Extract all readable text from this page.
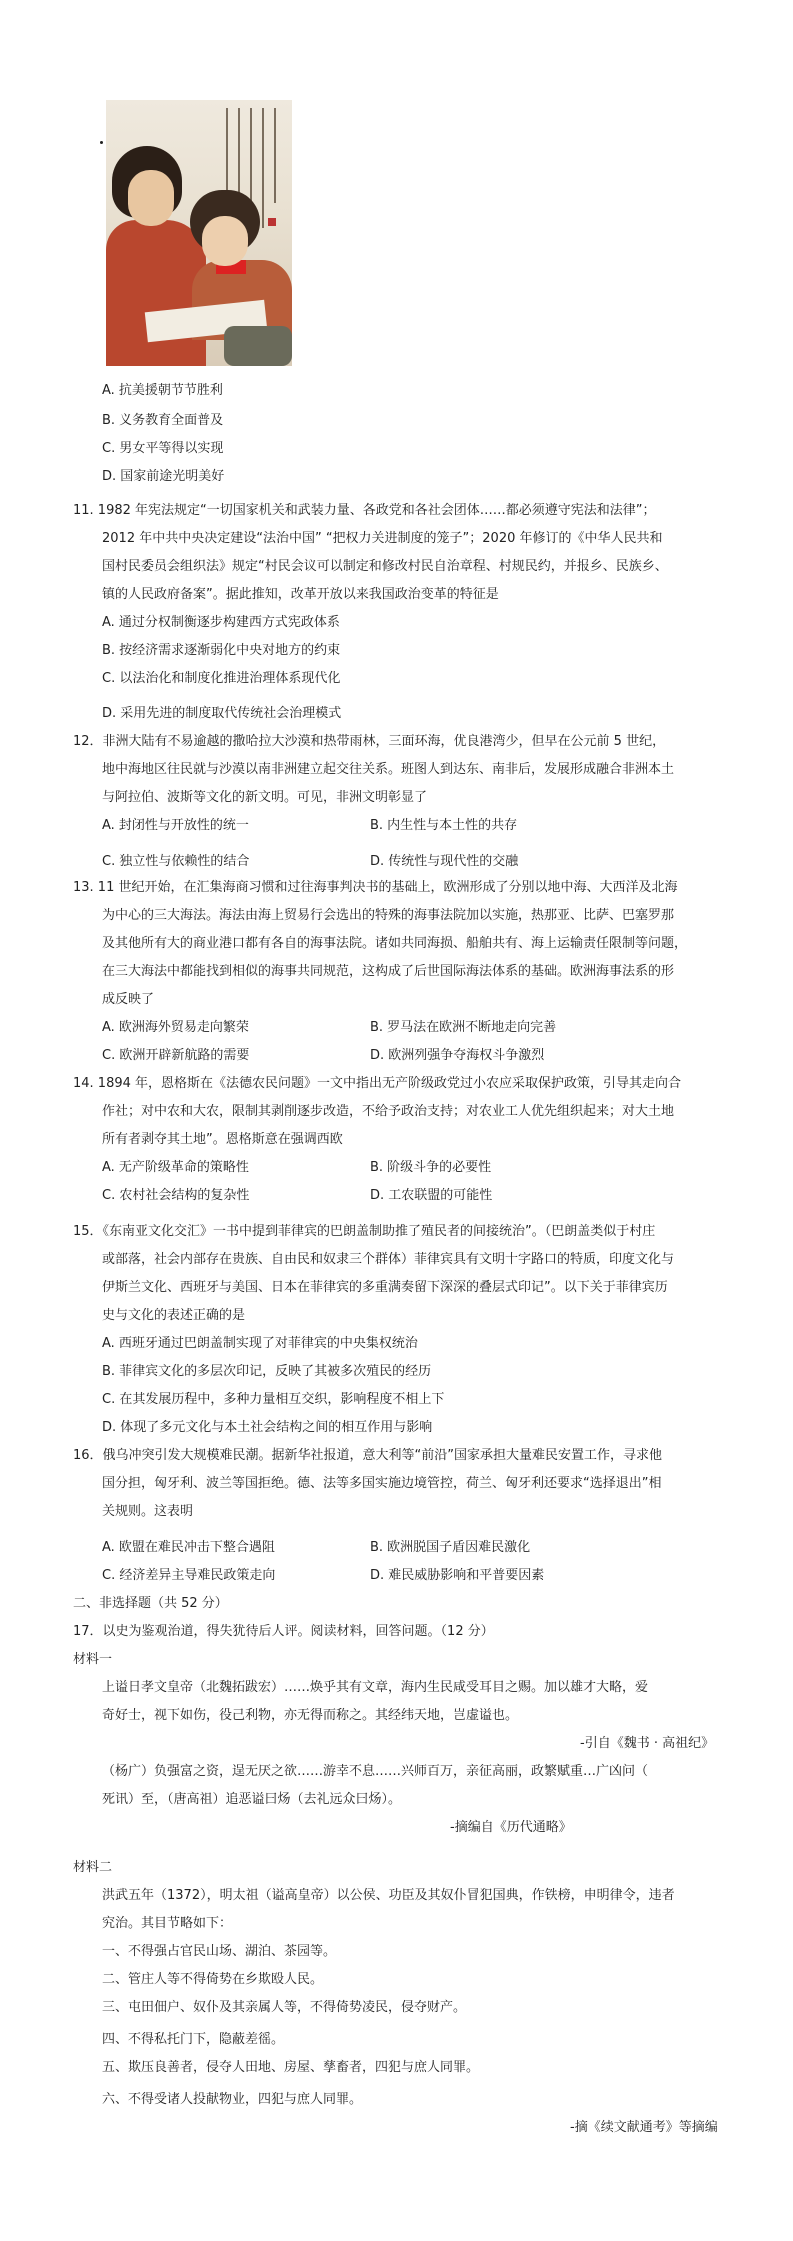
A. 抗美援朝节节胜利
B. 义务教育全面普及
C. 男女平等得以实现
D. 国家前途光明美好
11. 1982 年宪法规定“一切国家机关和武装力量、各政党和各社会团体……都必须遵守宪法和法律”；
2012 年中共中央决定建设“法治中国” “把权力关进制度的笼子”；2020 年修订的《中华人民共和
国村民委员会组织法》规定“村民会议可以制定和修改村民自治章程、村规民约，并报乡、民族乡、
镇的人民政府备案”。据此推知，改革开放以来我国政治变革的特征是
A. 通过分权制衡逐步构建西方式宪政体系
B. 按经济需求逐渐弱化中央对地方的约束
C. 以法治化和制度化推进治理体系现代化
D. 采用先进的制度取代传统社会治理模式
12．非洲大陆有不易逾越的撒哈拉大沙漠和热带雨林，三面环海，优良港湾少，但早在公元前 5 世纪，
地中海地区往民就与沙漠以南非洲建立起交往关系。班图人到达东、南非后，发展形成融合非洲本土
与阿拉伯、波斯等文化的新文明。可见，非洲文明彰显了
A. 封闭性与开放性的统一	B. 内生性与本土性的共存
C. 独立性与依赖性的结合	D. 传统性与现代性的交融
13. 11 世纪开始，在汇集海商习惯和过往海事判决书的基础上，欧洲形成了分别以地中海、大西洋及北海
为中心的三大海法。海法由海上贸易行会选出的特殊的海事法院加以实施，热那亚、比萨、巴塞罗那
及其他所有大的商业港口都有各自的海事法院。诸如共同海损、船舶共有、海上运输责任限制等问题，
在三大海法中都能找到相似的海事共同规范，这构成了后世国际海法体系的基础。欧洲海事法系的形
成反映了
A. 欧洲海外贸易走向繁荣	B. 罗马法在欧洲不断地走向完善
C. 欧洲开辟新航路的需要	D. 欧洲列强争夺海权斗争激烈
14. 1894 年，恩格斯在《法德农民问题》一文中指出无产阶级政党过小农应采取保护政策，引导其走向合
作社；对中农和大农，限制其剥削逐步改造，不给予政治支持；对农业工人优先组织起来；对大土地
所有者剥夺其土地”。恩格斯意在强调西欧
A. 无产阶级革命的策略性	B. 阶级斗争的必要性
C. 农村社会结构的复杂性	D. 工农联盟的可能性
15．《东南亚文化交汇》一书中提到菲律宾的巴朗盖制助推了殖民者的间接统治”。（巴朗盖类似于村庄
或部落，社会内部存在贵族、自由民和奴隶三个群体）菲律宾具有文明十字路口的特质，印度文化与
伊斯兰文化、西班牙与美国、日本在菲律宾的多重满奏留下深深的叠层式印记”。以下关于菲律宾历
史与文化的表述正确的是
A. 西班牙通过巴朗盖制实现了对菲律宾的中央集权统治
B. 菲律宾文化的多层次印记，反映了其被多次殖民的经历
C. 在其发展历程中，多种力量相互交织，影响程度不相上下
D. 体现了多元文化与本土社会结构之间的相互作用与影响
16．俄乌冲突引发大规模难民潮。据新华社报道，意大利等“前沿”国家承担大量难民安置工作，寻求他
国分担，匈牙利、波兰等国拒绝。德、法等多国实施边境管控，荷兰、匈牙利还要求“选择退出”相
关规则。这表明
A. 欧盟在难民冲击下整合遇阻	B. 欧洲脱国子盾因难民激化
C. 经济差异主导难民政策走向	D. 难民威胁影响和平普要因素
二、非选择题（共 52 分）
17．以史为鉴观治道，得失犹待后人评。阅读材料，回答问题。（12 分）
材料一
上谥日孝文皇帝（北魏拓跋宏）……焕乎其有文章，海内生民咸受耳目之赐。加以雄才大略，爱
奇好士，视下如伤，役己利物，亦无得而称之。其经纬天地，岂虚谥也。
-引自《魏书 · 高祖纪》
（杨广）负强富之资，逞无厌之欲……游幸不息……兴师百万，亲征高丽，政繁赋重…广凶问（
死讯）至，（唐高祖）追恶谥曰炀（去礼远众曰炀）。
-摘编自《历代通略》
材料二
洪武五年（1372），明太祖（谥高皇帝）以公侯、功臣及其奴仆冒犯国典，作铁榜，申明律令，违者
究治。其目节略如下：
一、不得强占官民山场、湖泊、茶园等。
二、管庄人等不得倚势在乡欺殴人民。
三、屯田佃户、奴仆及其亲属人等，不得倚势凌民，侵夺财产。
四、不得私托门下，隐蔽差徭。
五、欺压良善者，侵夺人田地、房屋、孳畜者，四犯与庶人同罪。
六、不得受诸人投献物业，四犯与庶人同罪。
-摘《续文献通考》等摘编
